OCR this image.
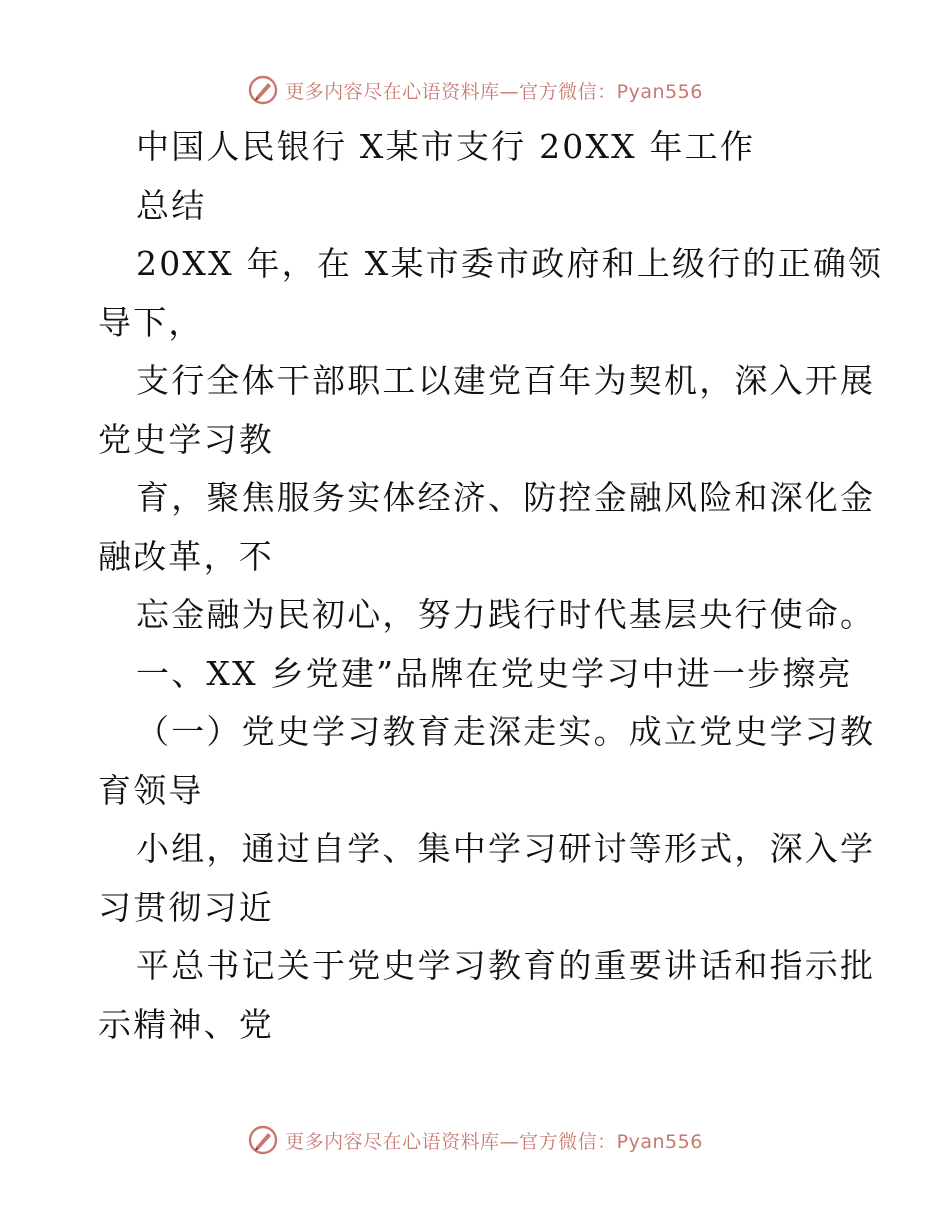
更多内容尽在心语资料库—官方微信：Pyan556
中国人民银行 X某市支行 20XX 年工作
总结
20XX 年，在 X某市委市政府和上级行的正确领
导下，
支行全体干部职工以建党百年为契机，深入开展
党史学习教
育，聚焦服务实体经济、防控金融风险和深化金
融改革，不
忘金融为民初心，努力践行时代基层央行使命。
一、XX 乡党建”品牌在党史学习中进一步擦亮
（一）党史学习教育走深走实。成立党史学习教
育领导
小组，通过自学、集中学习研讨等形式，深入学
习贯彻习近
平总书记关于党史学习教育的重要讲话和指示批
示精神、党
更多内容尽在心语资料库—官方微信：Pyan556
